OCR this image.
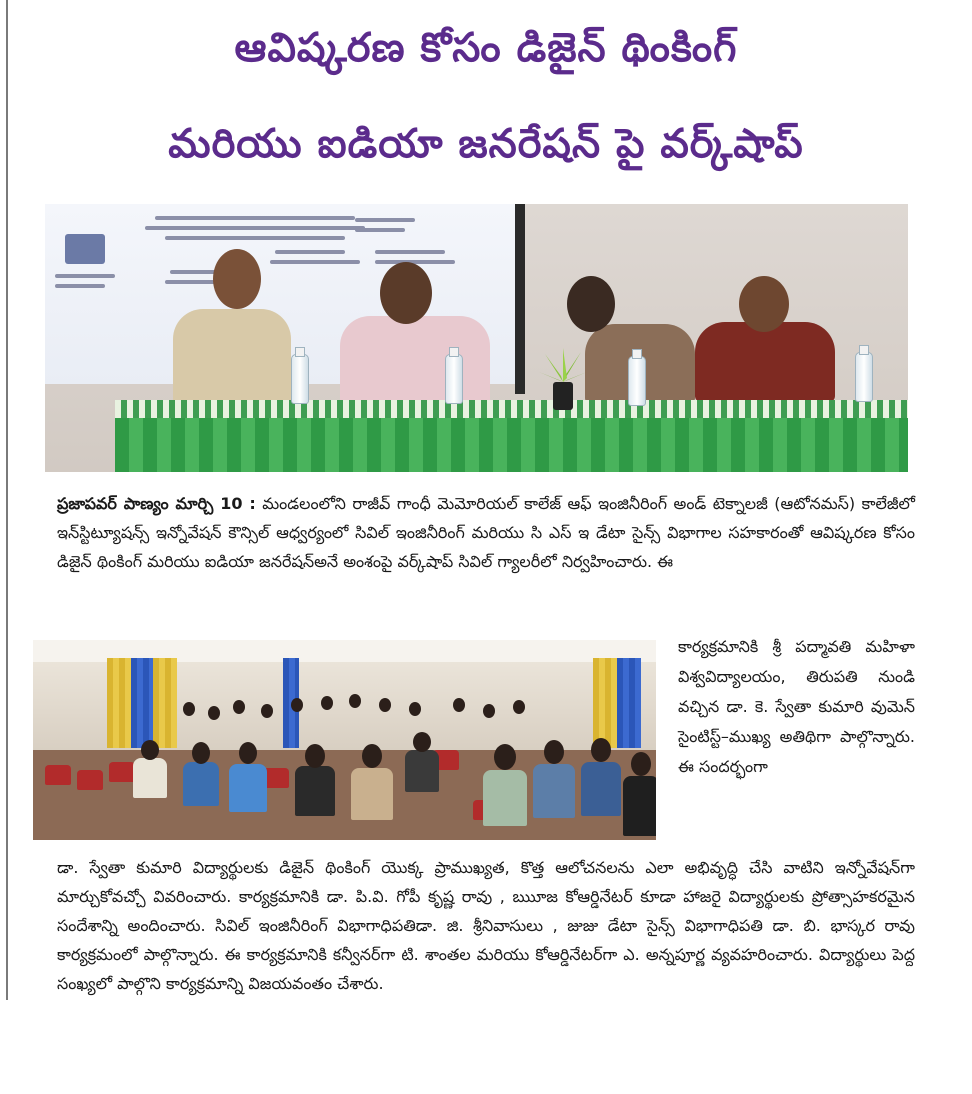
ఆవిష్కరణ కోసం డిజైన్ థింకింగ్
మరియు ఐడియా జనరేషన్ పై వర్క్‌షాప్

ప్రజాపవర్ పాణ్యం మార్చి 10 : మండలంలోని రాజీవ్ గాంధీ మెమోరియల్ కాలేజ్ ఆఫ్ ఇంజినీరింగ్ అండ్ టెక్నాలజీ (ఆటోనమస్) కాలేజీలో ఇన్‌స్టిట్యూషన్స్ ఇన్నోవేషన్ కౌన్సిల్ ఆధ్వర్యంలో సివిల్ ఇంజినీరింగ్ మరియు సి ఎస్ ఇ డేటా సైన్స్ విభాగాల సహకారంతో ఆవిష్కరణ కోసం డిజైన్ థింకింగ్ మరియు ఐడియా జనరేషన్‌అనే అంశంపై వర్క్‌షాప్ సివిల్ గ్యాలరీలో నిర్వహించారు. ఈ

కార్యక్రమానికి శ్రీ పద్మావతి మహిళా విశ్వవిద్యాలయం, తిరుపతి నుండి వచ్చిన డా. కె. స్వేతా కుమారి వుమెన్ సైంటిస్ట్–ముఖ్య అతిథిగా పాల్గొన్నారు. ఈ సందర్భంగా

డా. స్వేతా కుమారి విద్యార్థులకు డిజైన్ థింకింగ్ యొక్క ప్రాముఖ్యత, కొత్త ఆలోచనలను ఎలా అభివృద్ధి చేసి వాటిని ఇన్నోవేషన్‌గా మార్చుకోవచ్చో వివరించారు. కార్యక్రమానికి డా. పి.వి. గోపీ కృష్ణ రావు , ఋూజ కోఆర్డినేటర్ కూడా హాజరై విద్యార్థులకు ప్రోత్సాహకరమైన సందేశాన్ని అందించారు. సివిల్ ఇంజినీరింగ్ విభాగాధిపతిడా. జి. శ్రీనివాసులు , జుజు డేటా సైన్స్ విభాగాధిపతి డా. బి. భాస్కర రావు కార్యక్రమంలో పాల్గొన్నారు. ఈ కార్యక్రమానికి కన్వీనర్‌గా టి. శాంతల మరియు కోఆర్డినేటర్‌గా ఎ. అన్నపూర్ణ వ్యవహరించారు. విద్యార్థులు పెద్ద సంఖ్యలో పాల్గొని కార్యక్రమాన్ని విజయవంతం చేశారు.
